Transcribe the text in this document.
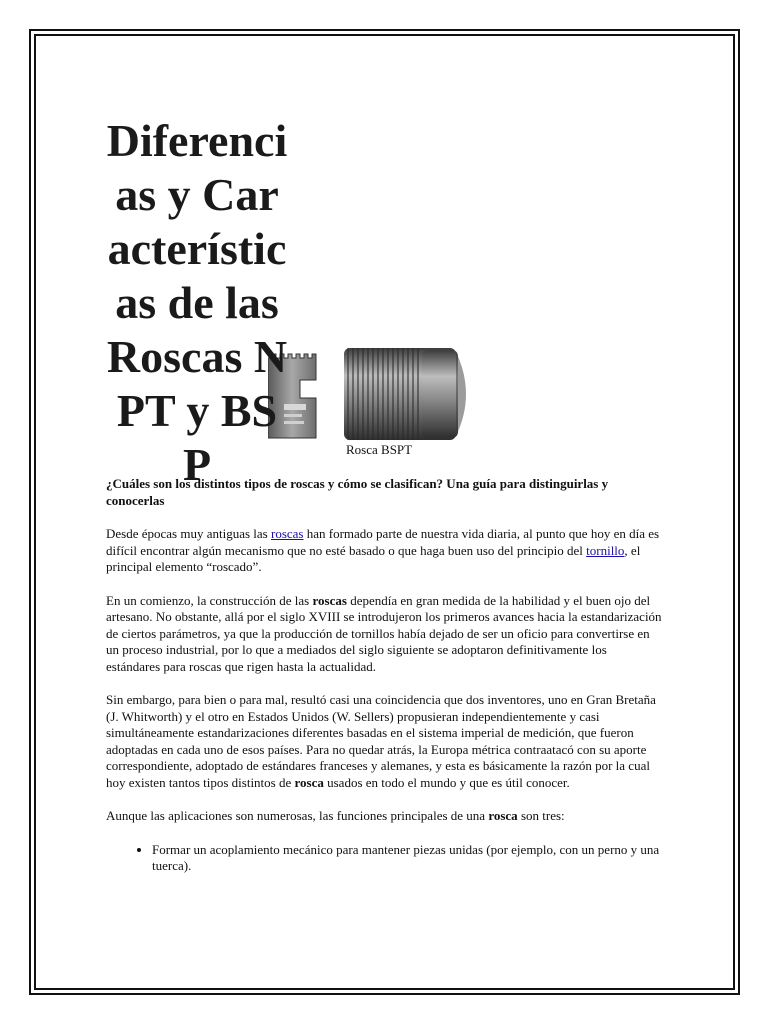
Diferencias y Características de las Roscas NPT y BSP	Rosca BSPT

¿Cuáles son los distintos tipos de roscas y cómo se clasifican? Una guía para distinguirlas y conocerlas

Desde épocas muy antiguas las roscas han formado parte de nuestra vida diaria, al punto que hoy en día es difícil encontrar algún mecanismo que no esté basado o que haga buen uso del principio del tornillo, el principal elemento “roscado”.

En un comienzo, la construcción de las roscas dependía en gran medida de la habilidad y el buen ojo del artesano. No obstante, allá por el siglo XVIII se introdujeron los primeros avances hacia la estandarización de ciertos parámetros, ya que la producción de tornillos había dejado de ser un oficio para convertirse en un proceso industrial, por lo que a mediados del siglo siguiente se adoptaron definitivamente los estándares para roscas que rigen hasta la actualidad.

Sin embargo, para bien o para mal, resultó casi una coincidencia que dos inventores, uno en Gran Bretaña (J. Whitworth) y el otro en Estados Unidos (W. Sellers) propusieran independientemente y casi simultáneamente estandarizaciones diferentes basadas en el sistema imperial de medición, que fueron adoptadas en cada uno de esos países. Para no quedar atrás, la Europa métrica contraatacó con su aporte correspondiente, adoptado de estándares franceses y alemanes, y esta es básicamente la razón por la cual hoy existen tantos tipos distintos de rosca usados en todo el mundo y que es útil conocer.

Aunque las aplicaciones son numerosas, las funciones principales de una rosca son tres:

• Formar un acoplamiento mecánico para mantener piezas unidas (por ejemplo, con un perno y una tuerca).
